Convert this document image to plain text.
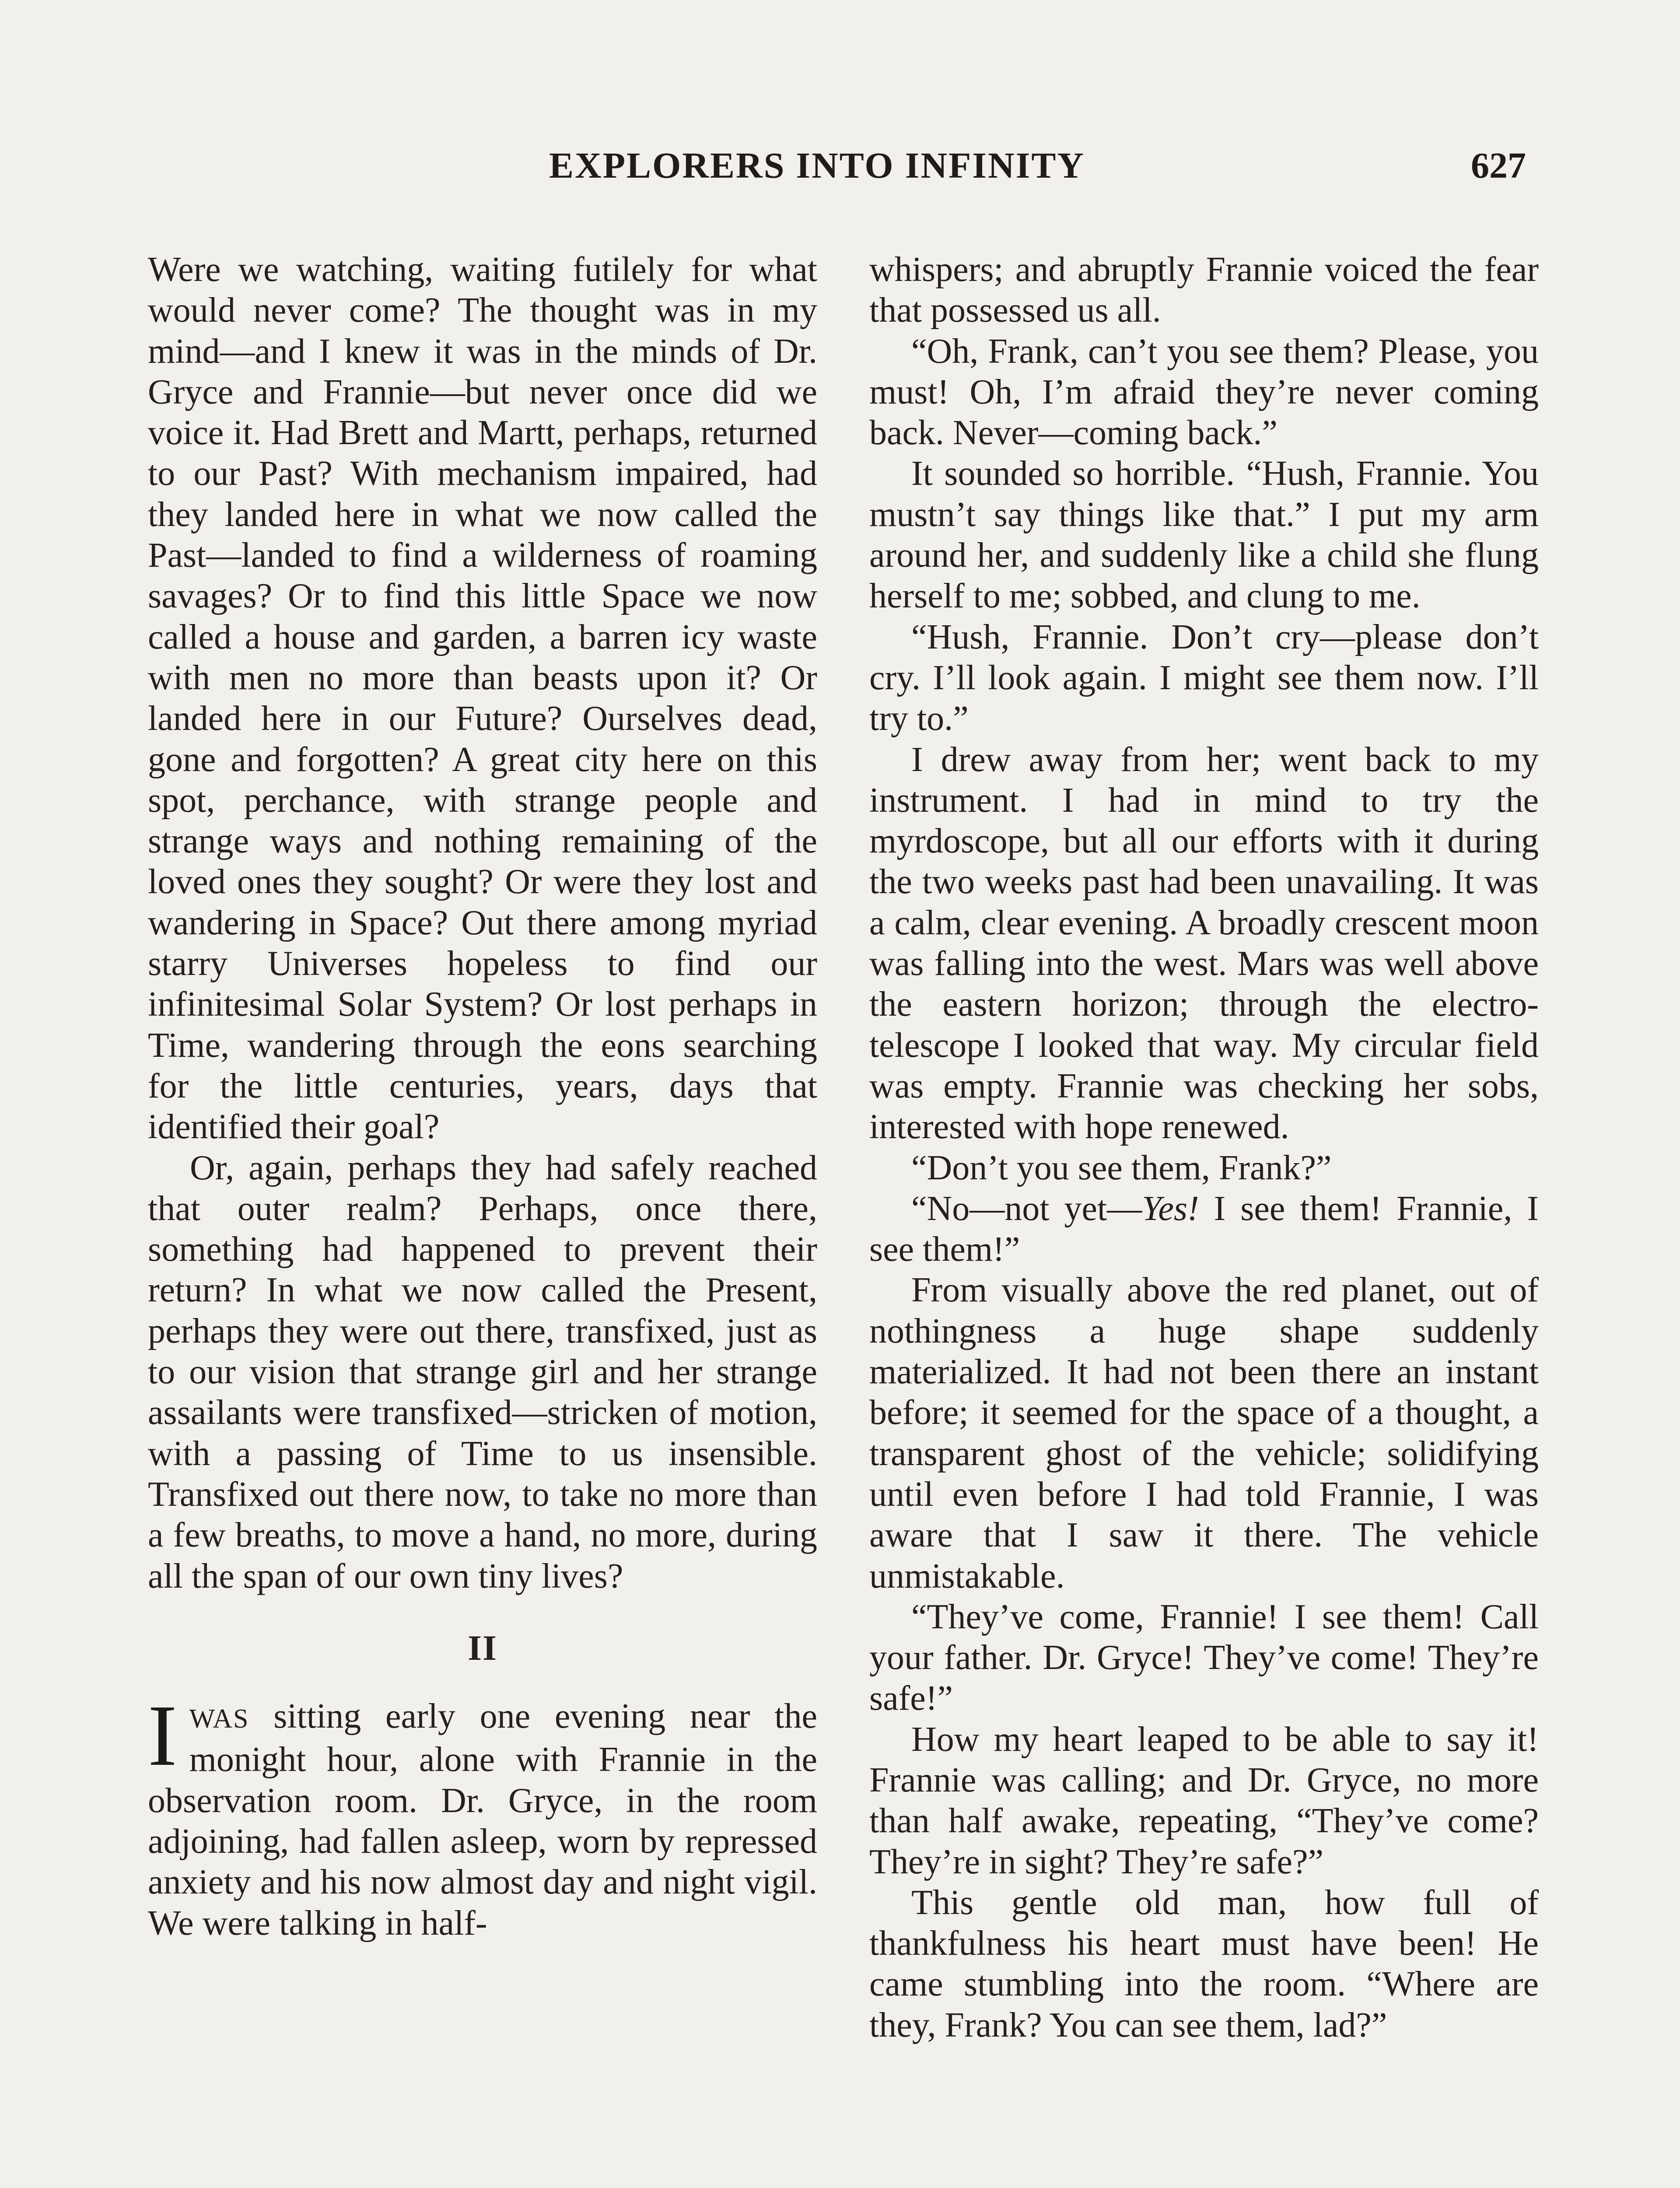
EXPLORERS INTO INFINITY	627

Were we watching, waiting futilely for what would never come? The thought was in my mind—and I knew it was in the minds of Dr. Gryce and Frannie—but never once did we voice it. Had Brett and Martt, perhaps, returned to our Past? With mechanism impaired, had they landed here in what we now called the Past—landed to find a wilderness of roaming savages? Or to find this little Space we now called a house and garden, a barren icy waste with men no more than beasts upon it? Or landed here in our Future? Ourselves dead, gone and forgotten? A great city here on this spot, perchance, with strange people and strange ways and nothing remaining of the loved ones they sought? Or were they lost and wandering in Space? Out there among myriad starry Universes hopeless to find our infinitesimal Solar System? Or lost perhaps in Time, wandering through the eons searching for the little centuries, years, days that identified their goal?

Or, again, perhaps they had safely reached that outer realm? Perhaps, once there, something had happened to prevent their return? In what we now called the Present, perhaps they were out there, transfixed, just as to our vision that strange girl and her strange assailants were transfixed—stricken of motion, with a passing of Time to us insensible. Transfixed out there now, to take no more than a few breaths, to move a hand, no more, during all the span of our own tiny lives?

II

IWAS sitting early one evening near the monight hour, alone with Frannie in the observation room. Dr. Gryce, in the room adjoining, had fallen asleep, worn by repressed anxiety and his now almost day and night vigil. We were talking in half-

whispers; and abruptly Frannie voiced the fear that possessed us all.

“Oh, Frank, can’t you see them? Please, you must! Oh, I’m afraid they’re never coming back. Never—coming back.”

It sounded so horrible. “Hush, Frannie. You mustn’t say things like that.” I put my arm around her, and suddenly like a child she flung herself to me; sobbed, and clung to me.

“Hush, Frannie. Don’t cry—please don’t cry. I’ll look again. I might see them now. I’ll try to.”

I drew away from her; went back to my instrument. I had in mind to try the myrdoscope, but all our efforts with it during the two weeks past had been unavailing. It was a calm, clear evening. A broadly crescent moon was falling into the west. Mars was well above the eastern horizon; through the electro-telescope I looked that way. My circular field was empty. Frannie was checking her sobs, interested with hope renewed.

“Don’t you see them, Frank?”

“No—not yet—Yes! I see them! Frannie, I see them!”

From visually above the red planet, out of nothingness a huge shape suddenly materialized. It had not been there an instant before; it seemed for the space of a thought, a transparent ghost of the vehicle; solidifying until even before I had told Frannie, I was aware that I saw it there. The vehicle unmistakable.

“They’ve come, Frannie! I see them! Call your father. Dr. Gryce! They’ve come! They’re safe!”

How my heart leaped to be able to say it! Frannie was calling; and Dr. Gryce, no more than half awake, repeating, “They’ve come? They’re in sight? They’re safe?”

This gentle old man, how full of thankfulness his heart must have been! He came stumbling into the room. “Where are they, Frank? You can see them, lad?”
